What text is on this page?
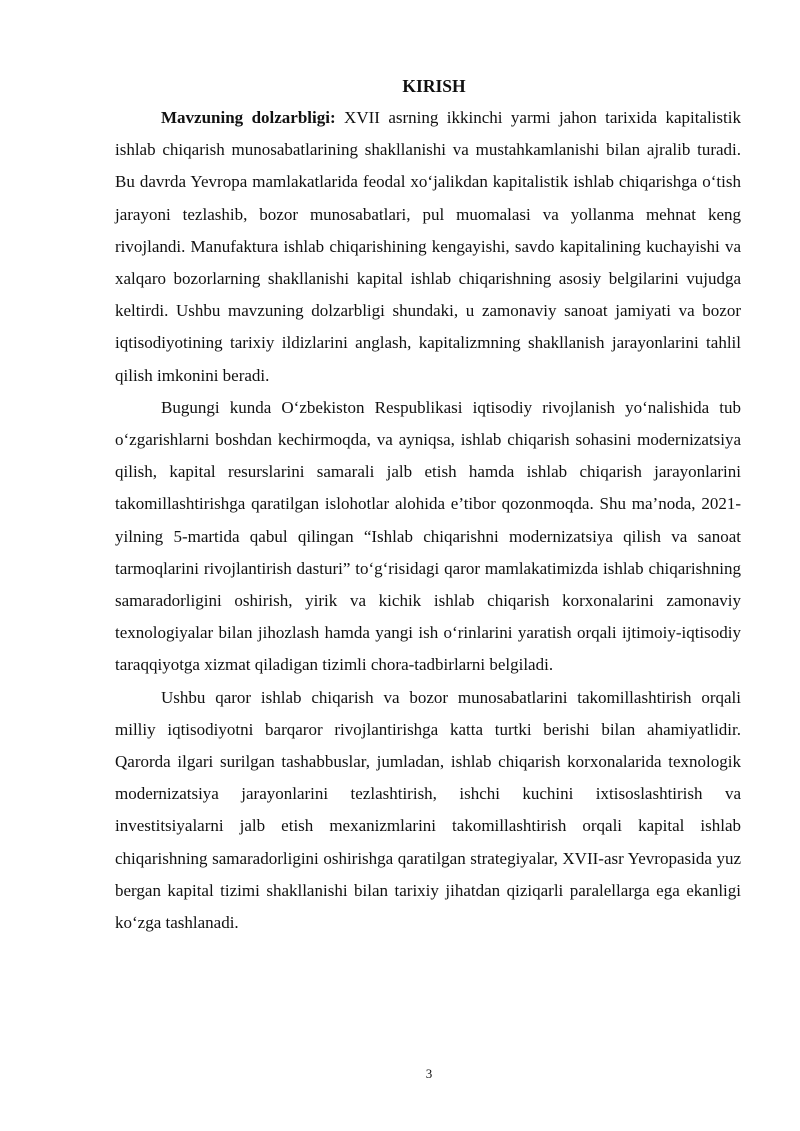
KIRISH

Mavzuning dolzarbligi: XVII asrning ikkinchi yarmi jahon tarixida kapitalistik ishlab chiqarish munosabatlarining shakllanishi va mustahkamlanishi bilan ajralib turadi. Bu davrda Yevropa mamlakatlarida feodal xo‘jalikdan kapitalistik ishlab chiqarishga o‘tish jarayoni tezlashib, bozor munosabatlari, pul muomalasi va yollanma mehnat keng rivojlandi. Manufaktura ishlab chiqarishining kengayishi, savdo kapitalining kuchayishi va xalqaro bozorlarning shakllanishi kapital ishlab chiqarishning asosiy belgilarini vujudga keltirdi. Ushbu mavzuning dolzarbligi shundaki, u zamonaviy sanoat jamiyati va bozor iqtisodiyotining tarixiy ildizlarini anglash, kapitalizmning shakllanish jarayonlarini tahlil qilish imkonini beradi.

Bugungi kunda O‘zbekiston Respublikasi iqtisodiy rivojlanish yo‘nalishida tub o‘zgarishlarni boshdan kechirmoqda, va ayniqsa, ishlab chiqarish sohasini modernizatsiya qilish, kapital resurslarini samarali jalb etish hamda ishlab chiqarish jarayonlarini takomillashtirishga qaratilgan islohotlar alohida e’tibor qozonmoqda. Shu ma’noda, 2021-yilning 5-martida qabul qilingan “Ishlab chiqarishni modernizatsiya qilish va sanoat tarmoqlarini rivojlantirish dasturi” to‘g‘risidagi qaror mamlakatimizda ishlab chiqarishning samaradorligini oshirish, yirik va kichik ishlab chiqarish korxonalarini zamonaviy texnologiyalar bilan jihozlash hamda yangi ish o‘rinlarini yaratish orqali ijtimoiy-iqtisodiy taraqqiyotga xizmat qiladigan tizimli chora-tadbirlarni belgiladi.

Ushbu qaror ishlab chiqarish va bozor munosabatlarini takomillashtirish orqali milliy iqtisodiyotni barqaror rivojlantirishga katta turtki berishi bilan ahamiyatlidir. Qarorda ilgari surilgan tashabbuslar, jumladan, ishlab chiqarish korxonalarida texnologik modernizatsiya jarayonlarini tezlashtirish, ishchi kuchini ixtisoslashtirish va investitsiyalarni jalb etish mexanizmlarini takomillashtirish orqali kapital ishlab chiqarishning samaradorligini oshirishga qaratilgan strategiyalar, XVII-asr Yevropasida yuz bergan kapital tizimi shakllanishi bilan tarixiy jihatdan qiziqarli paralellarga ega ekanligi ko‘zga tashlanadi.

3
